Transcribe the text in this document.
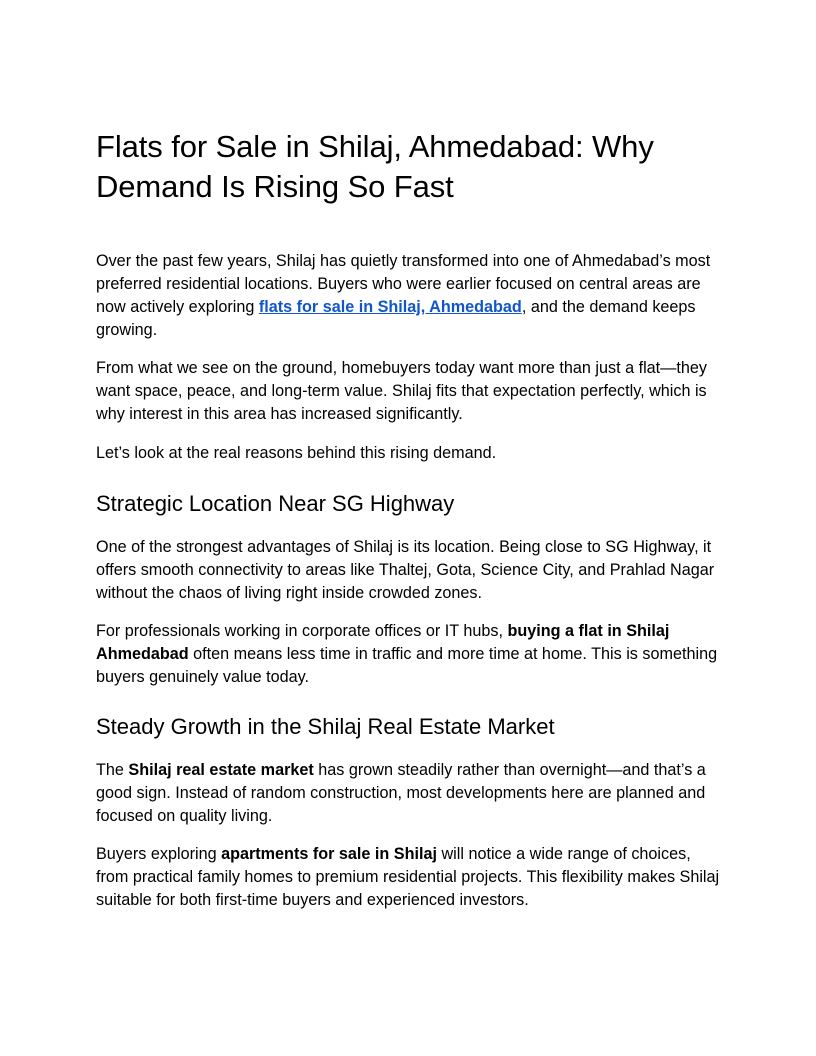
Flats for Sale in Shilaj, Ahmedabad: Why Demand Is Rising So Fast

Over the past few years, Shilaj has quietly transformed into one of Ahmedabad’s most preferred residential locations. Buyers who were earlier focused on central areas are now actively exploring flats for sale in Shilaj, Ahmedabad, and the demand keeps growing.

From what we see on the ground, homebuyers today want more than just a flat—they want space, peace, and long-term value. Shilaj fits that expectation perfectly, which is why interest in this area has increased significantly.

Let’s look at the real reasons behind this rising demand.

Strategic Location Near SG Highway

One of the strongest advantages of Shilaj is its location. Being close to SG Highway, it offers smooth connectivity to areas like Thaltej, Gota, Science City, and Prahlad Nagar without the chaos of living right inside crowded zones.

For professionals working in corporate offices or IT hubs, buying a flat in Shilaj Ahmedabad often means less time in traffic and more time at home. This is something buyers genuinely value today.

Steady Growth in the Shilaj Real Estate Market

The Shilaj real estate market has grown steadily rather than overnight—and that’s a good sign. Instead of random construction, most developments here are planned and focused on quality living.

Buyers exploring apartments for sale in Shilaj will notice a wide range of choices, from practical family homes to premium residential projects. This flexibility makes Shilaj suitable for both first-time buyers and experienced investors.
